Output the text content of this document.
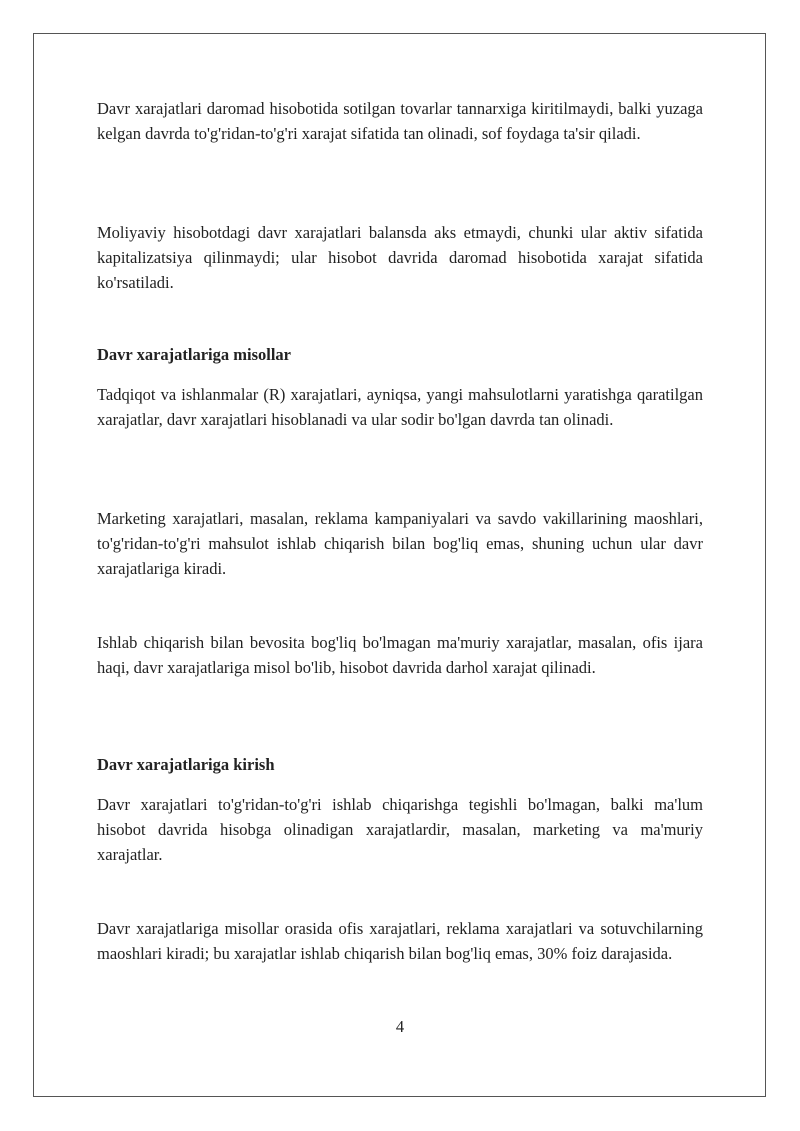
Davr xarajatlari daromad hisobotida sotilgan tovarlar tannarxiga kiritilmaydi, balki yuzaga kelgan davrda to'g'ridan-to'g'ri xarajat sifatida tan olinadi, sof foydaga ta'sir qiladi.

Moliyaviy hisobotdagi davr xarajatlari balansda aks etmaydi, chunki ular aktiv sifatida kapitalizatsiya qilinmaydi; ular hisobot davrida daromad hisobotida xarajat sifatida ko'rsatiladi.

Davr xarajatlariga misollar

Tadqiqot va ishlanmalar (R) xarajatlari, ayniqsa, yangi mahsulotlarni yaratishga qaratilgan xarajatlar, davr xarajatlari hisoblanadi va ular sodir bo'lgan davrda tan olinadi.

Marketing xarajatlari, masalan, reklama kampaniyalari va savdo vakillarining maoshlari, to'g'ridan-to'g'ri mahsulot ishlab chiqarish bilan bog'liq emas, shuning uchun ular davr xarajatlariga kiradi.

Ishlab chiqarish bilan bevosita bog'liq bo'lmagan ma'muriy xarajatlar, masalan, ofis ijara haqi, davr xarajatlariga misol bo'lib, hisobot davrida darhol xarajat qilinadi.

Davr xarajatlariga kirish

Davr xarajatlari to'g'ridan-to'g'ri ishlab chiqarishga tegishli bo'lmagan, balki ma'lum hisobot davrida hisobga olinadigan xarajatlardir, masalan, marketing va ma'muriy xarajatlar.

Davr xarajatlariga misollar orasida ofis xarajatlari, reklama xarajatlari va sotuvchilarning maoshlari kiradi; bu xarajatlar ishlab chiqarish bilan bog'liq emas, 30% foiz darajasida.

4
